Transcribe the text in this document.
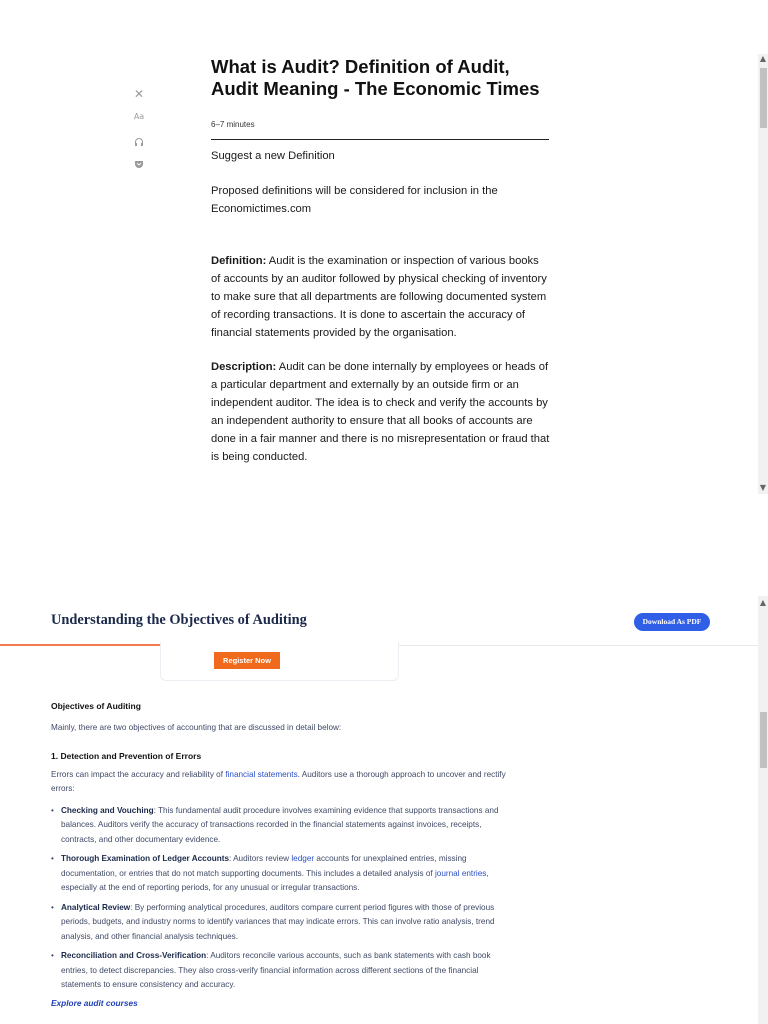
✕
Aa
What is Audit? Definition of Audit, Audit Meaning - The Economic Times
6–7 minutes

Suggest a new Definition

Proposed definitions will be considered for inclusion in the Economictimes.com

Definition: Audit is the examination or inspection of various books of accounts by an auditor followed by physical checking of inventory to make sure that all departments are following documented system of recording transactions. It is done to ascertain the accuracy of financial statements provided by the organisation.

Description: Audit can be done internally by employees or heads of a particular department and externally by an outside firm or an independent auditor. The idea is to check and verify the accounts by an independent authority to ensure that all books of accounts are done in a fair manner and there is no misrepresentation or fraud that is being conducted.

▲
▼
Understanding the Objectives of Auditing	Download As PDF
Register Now
Objectives of Auditing

Mainly, there are two objectives of accounting that are discussed in detail below:

1. Detection and Prevention of Errors

Errors can impact the accuracy and reliability of financial statements. Auditors use a thorough approach to uncover and rectify errors:

• Checking and Vouching: This fundamental audit procedure involves examining evidence that supports transactions and balances. Auditors verify the accuracy of transactions recorded in the financial statements against invoices, receipts, contracts, and other documentary evidence.
• Thorough Examination of Ledger Accounts: Auditors review ledger accounts for unexplained entries, missing documentation, or entries that do not match supporting documents. This includes a detailed analysis of journal entries, especially at the end of reporting periods, for any unusual or irregular transactions.
• Analytical Review: By performing analytical procedures, auditors compare current period figures with those of previous periods, budgets, and industry norms to identify variances that may indicate errors. This can involve ratio analysis, trend analysis, and other financial analysis techniques.
• Reconciliation and Cross-Verification: Auditors reconcile various accounts, such as bank statements with cash book entries, to detect discrepancies. They also cross-verify financial information across different sections of the financial statements to ensure consistency and accuracy.
Explore audit courses
▲
